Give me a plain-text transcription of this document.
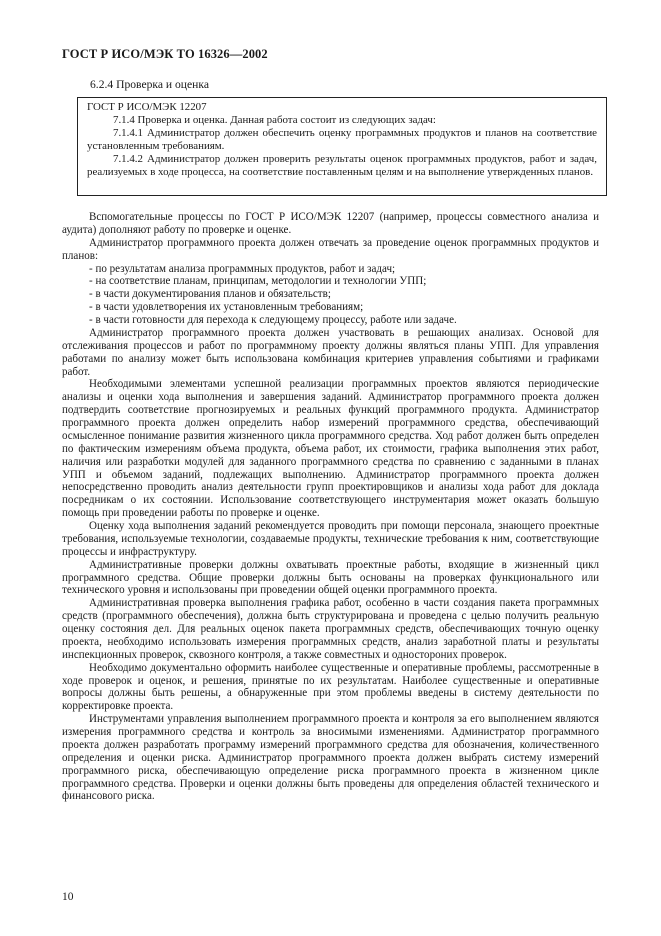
ГОСТ Р ИСО/МЭК ТО 16326—2002
6.2.4 Проверка и оценка
ГОСТ Р ИСО/МЭК 12207
7.1.4 Проверка и оценка. Данная работа состоит из следующих задач:
7.1.4.1 Администратор должен обеспечить оценку программных продуктов и планов на соответствие установленным требованиям.
7.1.4.2 Администратор должен проверить результаты оценок программных продуктов, работ и задач, реализуемых в ходе процесса, на соответствие поставленным целям и на выполнение утвержденных планов.
Вспомогательные процессы по ГОСТ Р ИСО/МЭК 12207 (например, процессы совместного анализа и аудита) дополняют работу по проверке и оценке.
Администратор программного проекта должен отвечать за проведение оценок программных продуктов и планов:
- по результатам анализа программных продуктов, работ и задач;
- на соответствие планам, принципам, методологии и технологии УПП;
- в части документирования планов и обязательств;
- в части удовлетворения их установленным требованиям;
- в части готовности для перехода к следующему процессу, работе или задаче.
Администратор программного проекта должен участвовать в решающих анализах. Основой для отслеживания процессов и работ по программному проекту должны являться планы УПП. Для управления работами по анализу может быть использована комбинация критериев управления событиями и графиками работ.
Необходимыми элементами успешной реализации программных проектов являются периодические анализы и оценки хода выполнения и завершения заданий. Администратор программного проекта должен подтвердить соответствие прогнозируемых и реальных функций программного продукта. Администратор программного проекта должен определить набор измерений программного средства, обеспечивающий осмысленное понимание развития жизненного цикла программного средства. Ход работ должен быть определен по фактическим измерениям объема продукта, объема работ, их стоимости, графика выполнения этих работ, наличия или разработки модулей для заданного программного средства по сравнению с заданными в планах УПП и объемом заданий, подлежащих выполнению. Администратор программного проекта должен непосредственно проводить анализ деятельности групп проектировщиков и анализы хода работ для доклада посредникам о их состоянии. Использование соответствующего инструментария может оказать большую помощь при проведении работы по проверке и оценке.
Оценку хода выполнения заданий рекомендуется проводить при помощи персонала, знающего проектные требования, используемые технологии, создаваемые продукты, технические требования к ним, соответствующие процессы и инфраструктуру.
Административные проверки должны охватывать проектные работы, входящие в жизненный цикл программного средства. Общие проверки должны быть основаны на проверках функционального или технического уровня и использованы при проведении общей оценки программного проекта.
Административная проверка выполнения графика работ, особенно в части создания пакета программных средств (программного обеспечения), должна быть структурирована и проведена с целью получить реальную оценку состояния дел. Для реальных оценок пакета программных средств, обеспечивающих точную оценку проекта, необходимо использовать измерения программных средств, анализ заработной платы и результаты инспекционных проверок, сквозного контроля, а также совместных и одностороних проверок.
Необходимо документально оформить наиболее существенные и оперативные проблемы, рассмотренные в ходе проверок и оценок, и решения, принятые по их результатам. Наиболее существенные и оперативные вопросы должны быть решены, а обнаруженные при этом проблемы введены в систему деятельности по корректировке проекта.
Инструментами управления выполнением программного проекта и контроля за его выполнением являются измерения программного средства и контроль за вносимыми изменениями. Администратор программного проекта должен разработать программу измерений программного средства для обозначения, количественного определения и оценки риска. Администратор программного проекта должен выбрать систему измерений программного риска, обеспечивающую определение риска программного проекта в жизненном цикле программного средства. Проверки и оценки должны быть проведены для определения областей технического и финансового риска.
10
